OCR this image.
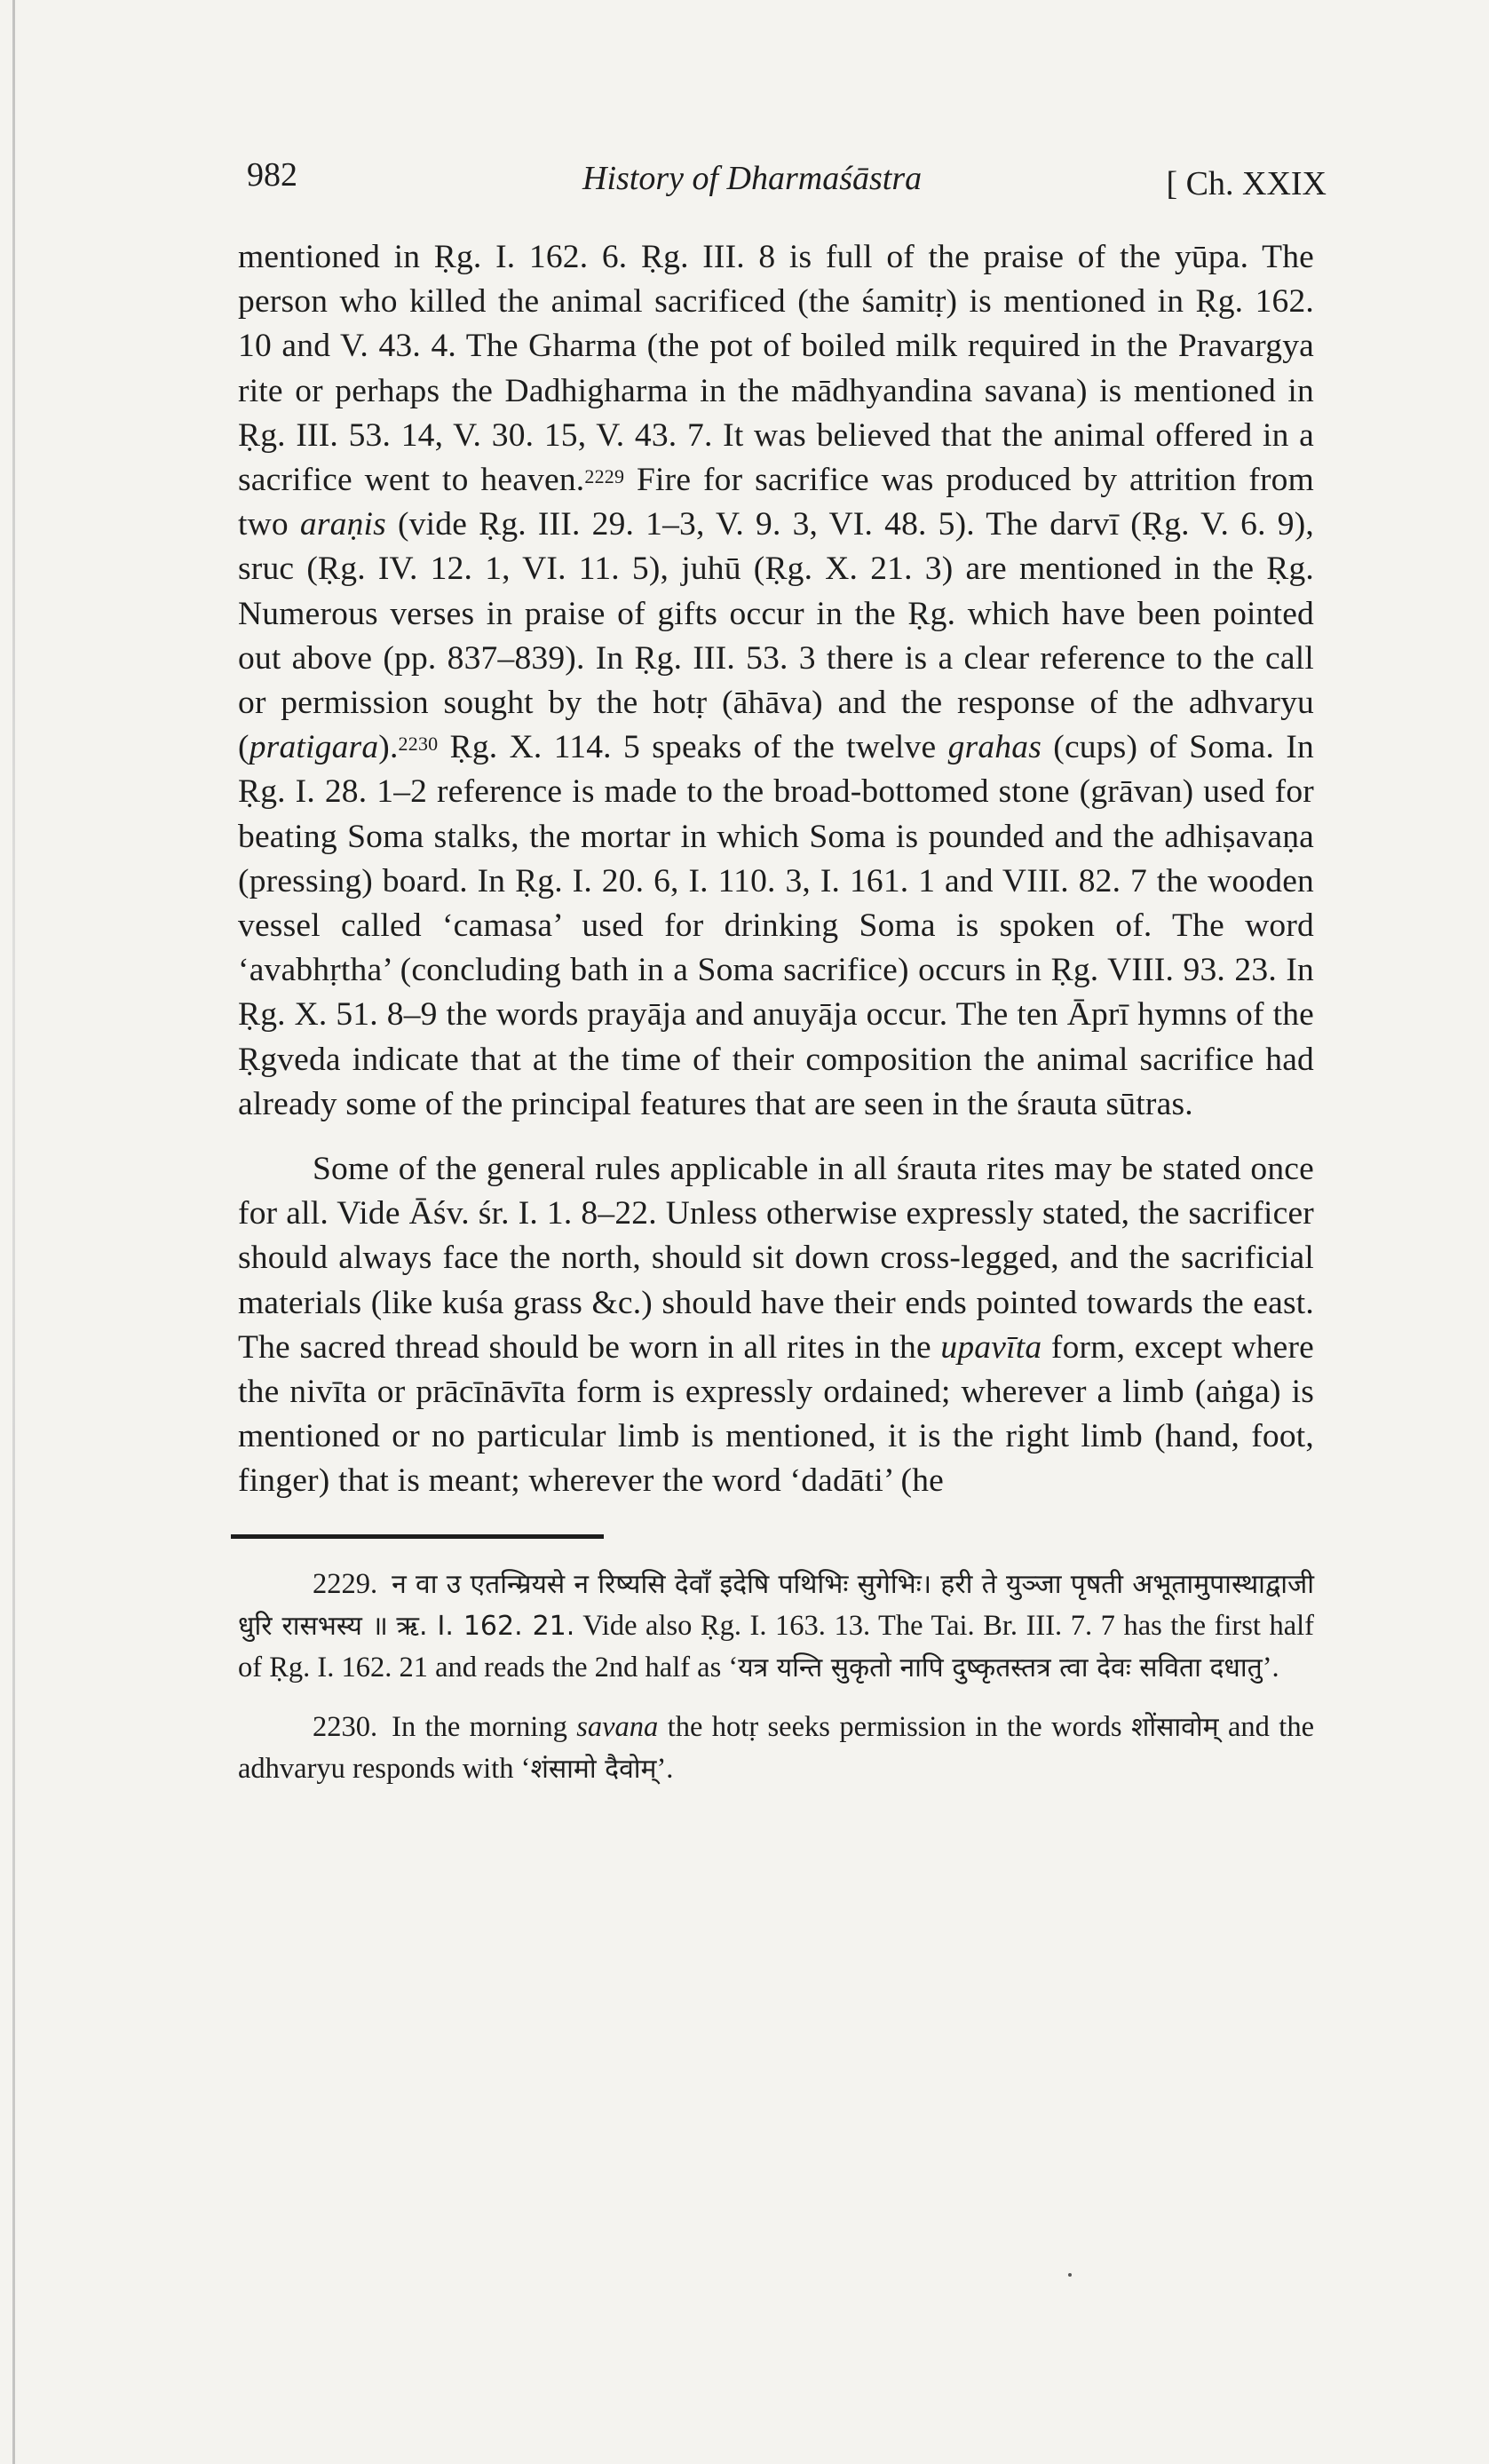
982	History of Dharmaśāstra	[ Ch. XXIX

mentioned in Ṛg. I. 162. 6. Ṛg. III. 8 is full of the praise of the yūpa. The person who killed the animal sacrificed (the śamitṛ) is mentioned in Ṛg. 162. 10 and V. 43. 4. The Gharma (the pot of boiled milk required in the Pravargya rite or perhaps the Dadhigharma in the mādhyandina savana) is mentioned in Ṛg. III. 53. 14, V. 30. 15, V. 43. 7. It was believed that the animal offered in a sacrifice went to heaven.$^{2229}$ Fire for sacrifice was produced by attrition from two araṇis (vide Ṛg. III. 29. 1–3, V. 9. 3, VI. 48. 5). The darvī (Ṛg. V. 6. 9), sruc (Ṛg. IV. 12. 1, VI. 11. 5), juhū (Ṛg. X. 21. 3) are mentioned in the Ṛg. Numerous verses in praise of gifts occur in the Ṛg. which have been pointed out above (pp. 837–839). In Ṛg. III. 53. 3 there is a clear reference to the call or permission sought by the hotṛ (āhāva) and the response of the adhvaryu (pratigara).$^{2230}$ Ṛg. X. 114. 5 speaks of the twelve grahas (cups) of Soma. In Ṛg. I. 28. 1–2 reference is made to the broad-bottomed stone (grāvan) used for beating Soma stalks, the mortar in which Soma is pounded and the adhiṣavaṇa (pressing) board. In Ṛg. I. 20. 6, I. 110. 3, I. 161. 1 and VIII. 82. 7 the wooden vessel called ‘camasa’ used for drinking Soma is spoken of. The word ‘avabhṛtha’ (concluding bath in a Soma sacrifice) occurs in Ṛg. VIII. 93. 23. In Ṛg. X. 51. 8–9 the words prayāja and anuyāja occur. The ten Āprī hymns of the Ṛgveda indicate that at the time of their composition the animal sacrifice had already some of the principal features that are seen in the śrauta sūtras.

Some of the general rules applicable in all śrauta rites may be stated once for all. Vide Āśv. śr. I. 1. 8–22. Unless otherwise expressly stated, the sacrificer should always face the north, should sit down cross-legged, and the sacrificial materials (like kuśa grass &c.) should have their ends pointed towards the east. The sacred thread should be worn in all rites in the upavīta form, except where the nivīta or prācīnāvīta form is expressly ordained; wherever a limb (aṅga) is mentioned or no particular limb is mentioned, it is the right limb (hand, foot, finger) that is meant; wherever the word ‘dadāti’ (he

2229. न वा उ एतन्म्रियसे न रिष्यसि देवाँ इदेषि पथिभिः सुगेभिः। हरी ते युञ्जा पृषती अभूतामुपास्थाद्वाजी धुरि रासभस्य ॥ ऋ. I. 162. 21. Vide also Ṛg. I. 163. 13. The Tai. Br. III. 7. 7 has the first half of Ṛg. I. 162. 21 and reads the 2nd half as ‘यत्र यन्ति सुकृतो नापि दुष्कृतस्तत्र त्वा देवः सविता दधातु’.

2230. In the morning savana the hotṛ seeks permission in the words शोंसावोम् and the adhvaryu responds with ‘शंसामो दैवोम्’.
